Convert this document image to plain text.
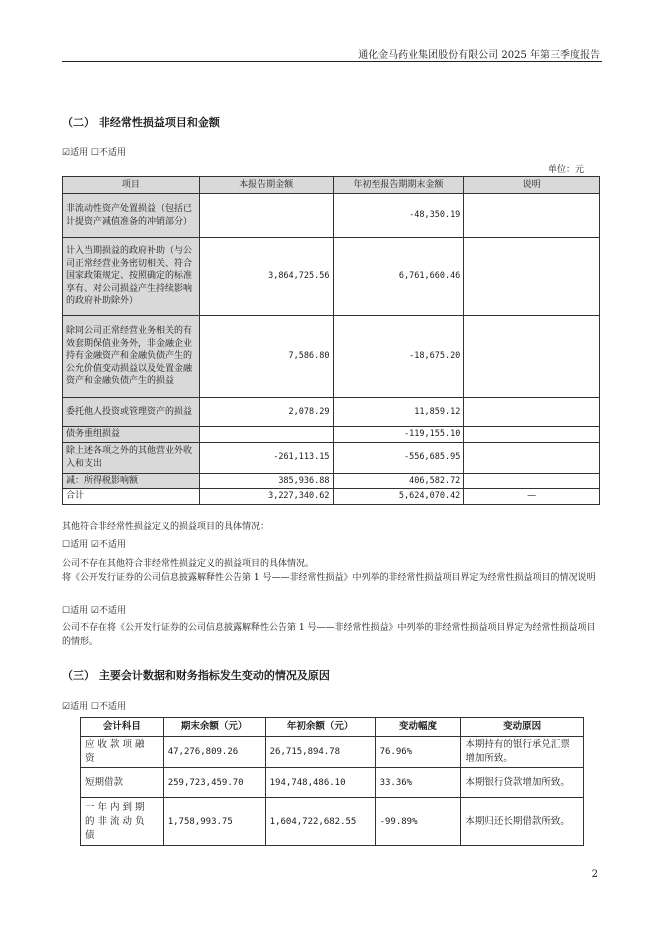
通化金马药业集团股份有限公司 2025 年第三季度报告
（二） 非经常性损益项目和金额
☑适用 ☐不适用
单位：元
项目	本报告期金额	年初至报告期期末金额	说明
非流动性资产处置损益（包括已计提资产减值准备的冲销部分）		-48,350.19	
计入当期损益的政府补助（与公司正常经营业务密切相关、符合国家政策规定、按照确定的标准享有、对公司损益产生持续影响的政府补助除外）	3,864,725.56	6,761,660.46	
除同公司正常经营业务相关的有效套期保值业务外，非金融企业持有金融资产和金融负债产生的公允价值变动损益以及处置金融资产和金融负债产生的损益	7,586.80	-18,675.20	
委托他人投资或管理资产的损益	2,078.29	11,859.12	
债务重组损益		-119,155.10	
除上述各项之外的其他营业外收入和支出	-261,113.15	-556,685.95	
减：所得税影响额	385,936.88	406,582.72	
合计	3,227,340.62	5,624,070.42	—
其他符合非经常性损益定义的损益项目的具体情况：
☐适用 ☑不适用
公司不存在其他符合非经常性损益定义的损益项目的具体情况。
将《公开发行证券的公司信息披露解释性公告第 1 号——非经常性损益》中列举的非经常性损益项目界定为经常性损益项目的情况说明
☐适用 ☑不适用
公司不存在将《公开发行证券的公司信息披露解释性公告第 1 号——非经常性损益》中列举的非经常性损益项目界定为经常性损益项目的情形。
（三） 主要会计数据和财务指标发生变动的情况及原因
☑适用 ☐不适用
会计科目	期末余额（元）	年初余额（元）	变动幅度	变动原因
应收款项融资	47,276,809.26	26,715,894.78	76.96%	本期持有的银行承兑汇票增加所致。
短期借款	259,723,459.70	194,748,486.10	33.36%	本期银行贷款增加所致。
一年内到期的非流动负债	1,758,993.75	1,604,722,682.55	-99.89%	本期归还长期借款所致。
2
